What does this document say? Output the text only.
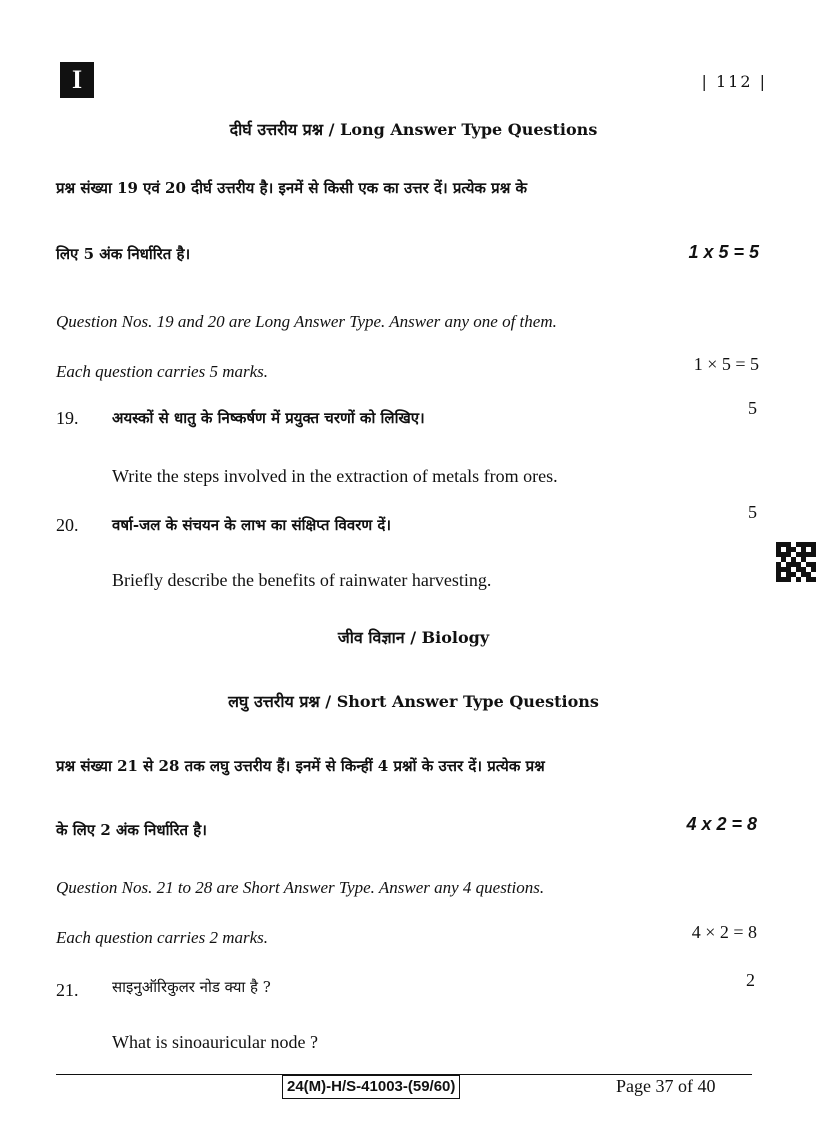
I	| 112 |
दीर्घ उत्तरीय प्रश्न / Long Answer Type Questions
प्रश्न संख्या 19 एवं 20 दीर्घ उत्तरीय है। इनमें से किसी एक का उत्तर दें। प्रत्येक प्रश्न के
लिए 5 अंक निर्धारित है।	1 x 5 = 5
Question Nos. 19 and 20 are Long Answer Type. Answer any one of them.
Each question carries 5 marks.	1 × 5 = 5
19. अयस्कों से धातु के निष्कर्षण में प्रयुक्त चरणों को लिखिए।	5
Write the steps involved in the extraction of metals from ores.
20. वर्षा-जल के संचयन के लाभ का संक्षिप्त विवरण दें।
5
Briefly describe the benefits of rainwater harvesting.
जीव विज्ञान / Biology
लघु उत्तरीय प्रश्न / Short Answer Type Questions
प्रश्न संख्या 21 से 28 तक लघु उत्तरीय हैं। इनमें से किन्हीं 4 प्रश्नों के उत्तर दें। प्रत्येक प्रश्न
के लिए 2 अंक निर्धारित है।	4 x 2 = 8
Question Nos. 21 to 28 are Short Answer Type. Answer any 4 questions.
Each question carries 2 marks.	4 × 2 = 8
21. साइनुऑरिकुलर नोड क्या है ?	2
What is sinoauricular node ?
24(M)-H/S-41003-(59/60)	Page 37 of 40
